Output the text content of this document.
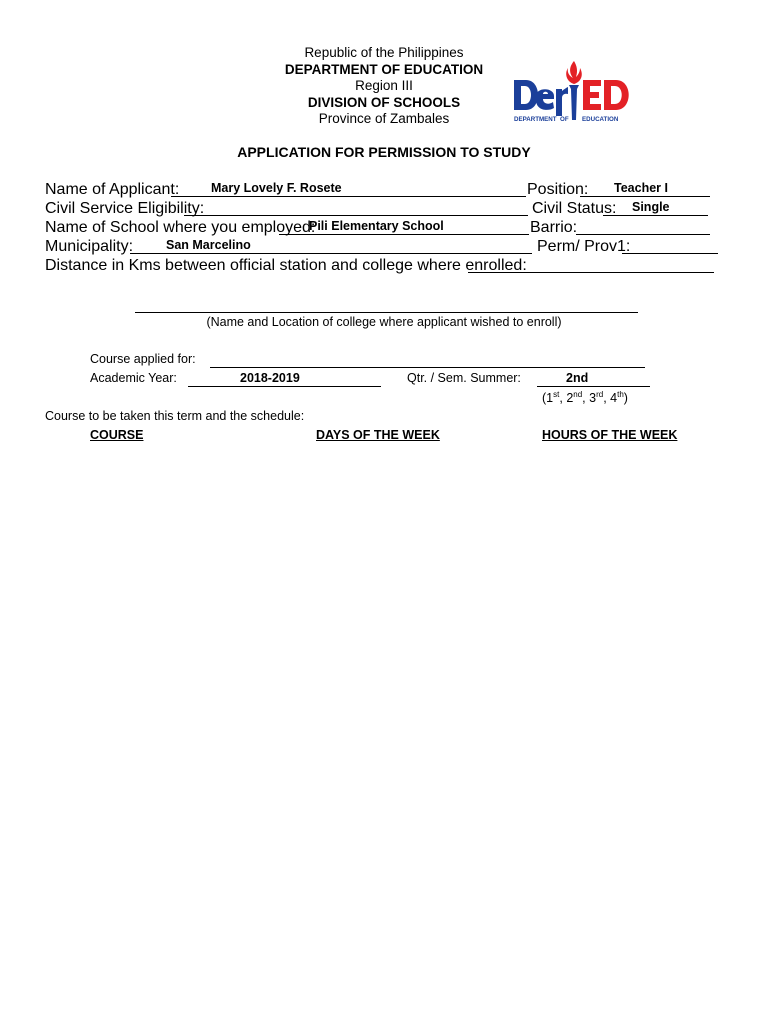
Republic of the Philippines
DEPARTMENT OF EDUCATION
Region III
DIVISION OF SCHOOLS
Province of Zambales	DEPARTMENT OF EDUCATION
APPLICATION FOR PERMISSION TO STUDY
Name of Applicant:	Mary Lovely F. Rosete	Position: Teacher I
Civil Service Eligibility:	Civil Status: Single
Name of School where you employed:
Pili Elementary School	Barrio:
Municipality:	San Marcelino	Perm/ Prov1:
Distance in Kms between official station and college where enrolled:
(Name and Location of college where applicant wished to enroll)
Course applied for:
Academic Year:	2018-2019	Qtr. / Sem. Summer:	2nd
(1st, 2nd, 3rd, 4th)
Course to be taken this term and the schedule:
COURSE	DAYS OF THE WEEK	HOURS OF THE WEEK
